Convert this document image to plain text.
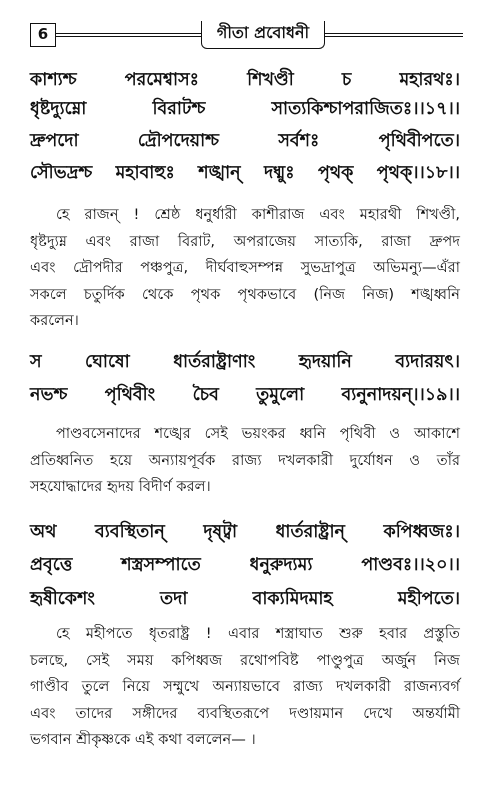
6	গীতা প্রবোধনী
কাশ্যশ্চ	পরমেশ্বাসঃ	শিখণ্ডী	চ	মহারথঃ।
ধৃষ্টদ্যুম্নো	বিরাটশ্চ	সাত্যকিশ্চাপরাজিতঃ।।১৭।।
দ্রুপদো	দ্রৌপদেয়াশ্চ	সর্বশঃ	পৃথিবীপতে।
সৌভদ্রশ্চ মহাবাহুঃ শঙ্খান্ দধ্মুঃ পৃথক্ পৃথক্।।১৮।।
হে রাজন্ ! শ্রেষ্ঠ ধনুর্ধারী কাশীরাজ এবং মহারথী শিখণ্ডী,
ধৃষ্টদ্যুম্ন এবং রাজা বিরাট, অপরাজেয় সাত্যকি, রাজা দ্রুপদ
এবং দ্রৌপদীর পঞ্চপুত্র, দীর্ঘবাহুসম্পন্ন সুভদ্রাপুত্র অভিমন্যু—এঁরা
সকলে চতুর্দিক থেকে পৃথক পৃথকভাবে (নিজ নিজ) শঙ্খধ্বনি
করলেন।
স ঘোষো ধার্তরাষ্ট্রাণাং হৃদয়ানি ব্যদারয়ৎ।
নভশ্চ পৃথিবীং চৈব তুমুলো ব্যনুনাদয়ন্।।১৯।।
পাণ্ডবসেনাদের শঙ্খের সেই ভয়ংকর ধ্বনি পৃথিবী ও আকাশে
প্রতিধ্বনিত হয়ে অন্যায়পূর্বক রাজ্য দখলকারী দুর্যোধন ও তাঁর
সহযোদ্ধাদের হৃদয় বিদীর্ণ করল।
অথ ব্যবস্থিতান্ দৃষ্ট্বা ধার্তরাষ্ট্রান্ কপিধ্বজঃ।
প্রবৃত্তে	শস্ত্রসম্পাতে	ধনুরুদ্যম্য	পাণ্ডবঃ।।২০।।
হৃষীকেশং	তদা	বাক্যমিদমাহ	মহীপতে।
হে মহীপতে ধৃতরাষ্ট্র ! এবার শস্ত্রাঘাত শুরু হবার প্রস্তুতি
চলছে, সেই সময় কপিধ্বজ রথোপবিষ্ট পাণ্ডুপুত্র অর্জুন নিজ
গাণ্ডীব তুলে নিয়ে সম্মুখে অন্যায়ভাবে রাজ্য দখলকারী রাজন্যবর্গ
এবং তাদের সঙ্গীদের ব্যবস্থিতরূপে দণ্ডায়মান দেখে অন্তর্যামী
ভগবান শ্রীকৃষ্ণকে এই কথা বললেন— ।
